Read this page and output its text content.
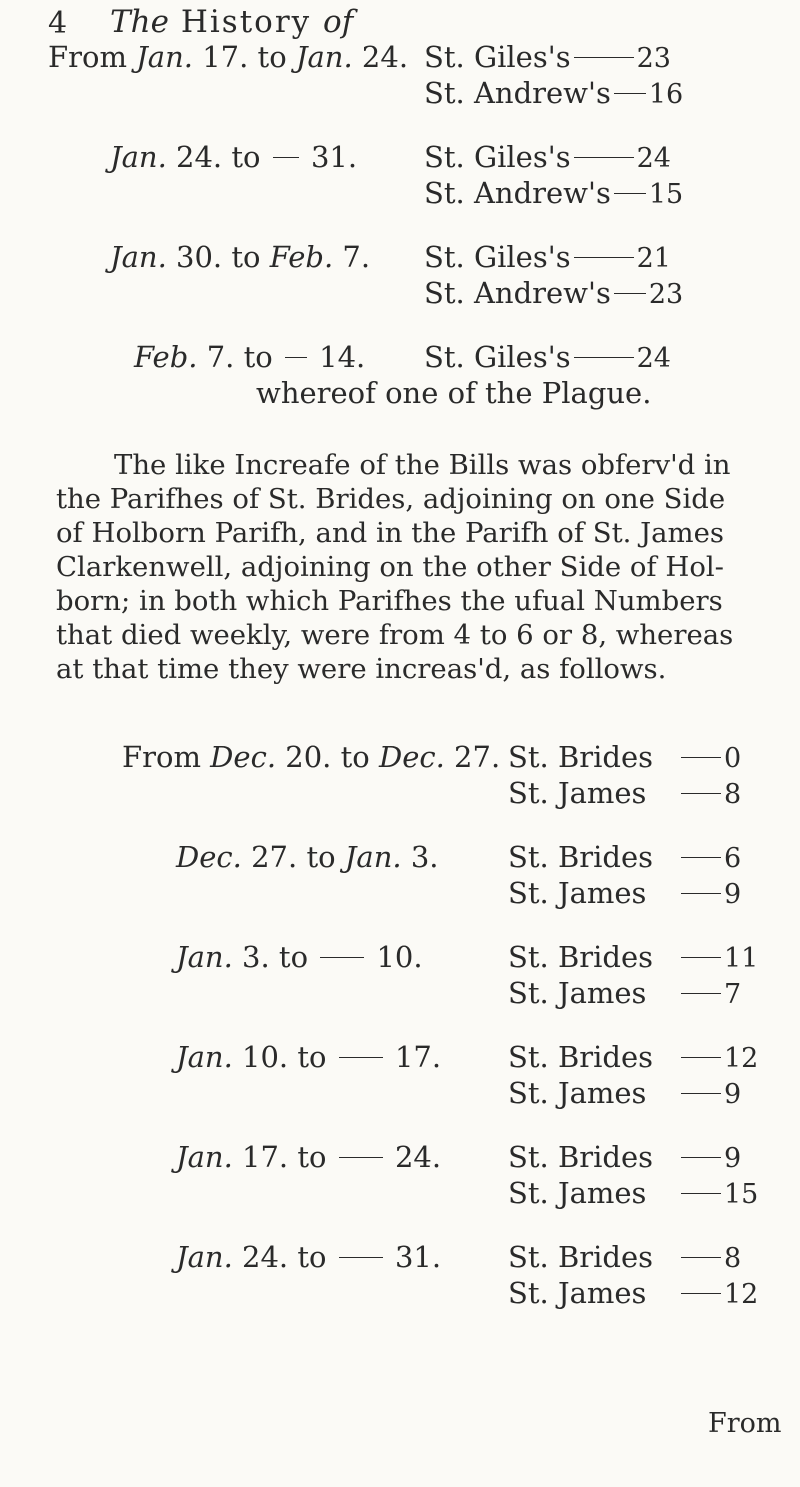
4 The History of
From Jan. 17. to Jan. 24. St. Giles's 23
St. Andrew's 16
Jan. 24. to 31. St. Giles's 24
St. Andrew's 15
Jan. 30. to Feb. 7. St. Giles's 21
St. Andrew's 23
Feb. 7. to 14. St. Giles's 24
whereof one of the Plague.

The like Increafe of the Bills was obferv'd in

the Parifhes of St. Brides, adjoining on one Side

of Holborn Parifh, and in the Parifh of St. James

Clarkenwell, adjoining on the other Side of Hol-

born; in both which Parifhes the ufual Numbers

that died weekly, were from 4 to 6 or 8, whereas

at that time they were increas'd, as follows.

From Dec. 20. to Dec. 27. St. Brides	0
St. James	8
Dec. 27. to Jan. 3. St. Brides	6
St. James	9
Jan. 3. to 10.	St. Brides	11
St. James	7
Jan. 10. to 17. St. Brides	12
St. James	9
Jan. 17. to 24. St. Brides	9
St. James	15
Jan. 24. to 31. St. Brides	8
St. James	12
From
